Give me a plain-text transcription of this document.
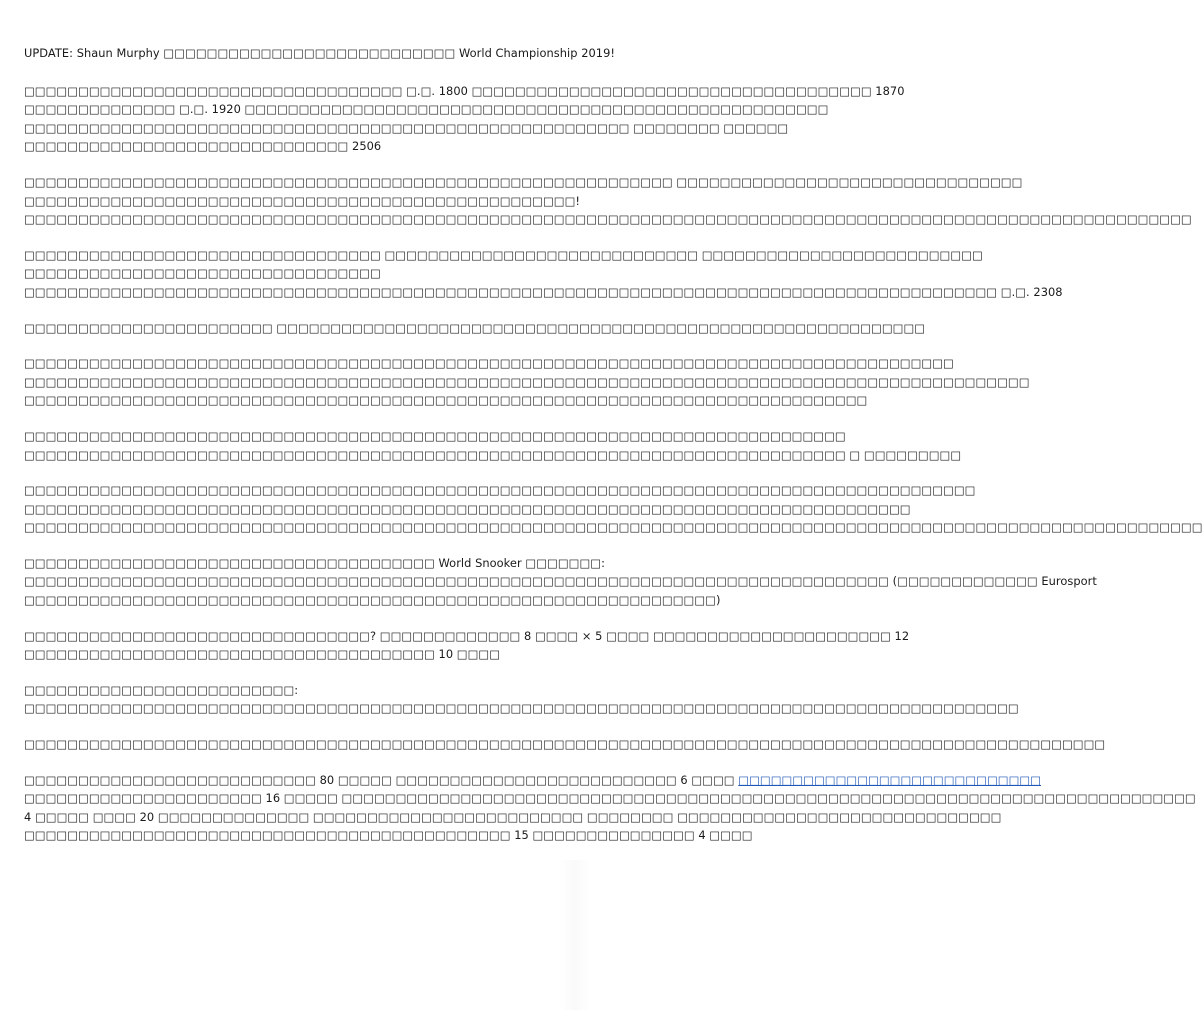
UPDATE: Shaun Murphy □□□□□□□□□□□□□□□□□□□□□□□□□□□ World Championship 2019!
□□□□□□□□□□□□□□□□□□□□□□□□□□□□□□□□□□□ □.□. 1800 □□□□□□□□□□□□□□□□□□□□□□□□□□□□□□□□□□□□□ 1870
□□□□□□□□□□□□□□ □.□. 1920 □□□□□□□□□□□□□□□□□□□□□□□□□□□□□□□□□□□□□□□□□□□□□□□□□□□□□□
□□□□□□□□□□□□□□□□□□□□□□□□□□□□□□□□□□□□□□□□□□□□□□□□□□□□□□□□ □□□□□□□□ □□□□□□
□□□□□□□□□□□□□□□□□□□□□□□□□□□□□□ 2506
□□□□□□□□□□□□□□□□□□□□□□□□□□□□□□□□□□□□□□□□□□□□□□□□□□□□□□□□□□□□ □□□□□□□□□□□□□□□□□□□□□□□□□□□□□□□□
□□□□□□□□□□□□□□□□□□□□□□□□□□□□□□□□□□□□□□□□□□□□□□□□□□□!
□□□□□□□□□□□□□□□□□□□□□□□□□□□□□□□□□□□□□□□□□□□□□□□□□□□□□□□□□□□□□□□□□□□□□□□□□□□□□□□□□□□□□□□□□□□□□□□□□□□□□□□□□□□□
□□□□□□□□□□□□□□□□□□□□□□□□□□□□□□□□□ □□□□□□□□□□□□□□□□□□□□□□□□□□□□□ □□□□□□□□□□□□□□□□□□□□□□□□□□
□□□□□□□□□□□□□□□□□□□□□□□□□□□□□□□□□
□□□□□□□□□□□□□□□□□□□□□□□□□□□□□□□□□□□□□□□□□□□□□□□□□□□□□□□□□□□□□□□□□□□□□□□□□□□□□□□□□□□□□□□□□□ □.□. 2308
□□□□□□□□□□□□□□□□□□□□□□□ □□□□□□□□□□□□□□□□□□□□□□□□□□□□□□□□□□□□□□□□□□□□□□□□□□□□□□□□□□□□
□□□□□□□□□□□□□□□□□□□□□□□□□□□□□□□□□□□□□□□□□□□□□□□□□□□□□□□□□□□□□□□□□□□□□□□□□□□□□□□□□□□□□□
□□□□□□□□□□□□□□□□□□□□□□□□□□□□□□□□□□□□□□□□□□□□□□□□□□□□□□□□□□□□□□□□□□□□□□□□□□□□□□□□□□□□□□□□□□□□□
□□□□□□□□□□□□□□□□□□□□□□□□□□□□□□□□□□□□□□□□□□□□□□□□□□□□□□□□□□□□□□□□□□□□□□□□□□□□□□
□□□□□□□□□□□□□□□□□□□□□□□□□□□□□□□□□□□□□□□□□□□□□□□□□□□□□□□□□□□□□□□□□□□□□□□□□□□□
□□□□□□□□□□□□□□□□□□□□□□□□□□□□□□□□□□□□□□□□□□□□□□□□□□□□□□□□□□□□□□□□□□□□□□□□□□□□ □ □□□□□□□□□
□□□□□□□□□□□□□□□□□□□□□□□□□□□□□□□□□□□□□□□□□□□□□□□□□□□□□□□□□□□□□□□□□□□□□□□□□□□□□□□□□□□□□□□□
□□□□□□□□□□□□□□□□□□□□□□□□□□□□□□□□□□□□□□□□□□□□□□□□□□□□□□□□□□□□□□□□□□□□□□□□□□□□□□□□□□
□□□□□□□□□□□□□□□□□□□□□□□□□□□□□□□□□□□□□□□□□□□□□□□□□□□□□□□□□□□□□□□□□□□□□□□□□□□□□□□□□□□□□□□□□□□□□□□□□□□□□□□□□□□□□
□□□□□□□□□□□□□□□□□□□□□□□□□□□□□□□□□□□□□□ World Snooker □□□□□□□:
□□□□□□□□□□□□□□□□□□□□□□□□□□□□□□□□□□□□□□□□□□□□□□□□□□□□□□□□□□□□□□□□□□□□□□□□□□□□□□□□ (□□□□□□□□□□□□□ Eurosport
□□□□□□□□□□□□□□□□□□□□□□□□□□□□□□□□□□□□□□□□□□□□□□□□□□□□□□□□□□□□□□□□)
□□□□□□□□□□□□□□□□□□□□□□□□□□□□□□□□? □□□□□□□□□□□□□ 8 □□□□ × 5 □□□□ □□□□□□□□□□□□□□□□□□□□□□ 12
□□□□□□□□□□□□□□□□□□□□□□□□□□□□□□□□□□□□□□ 10 □□□□
□□□□□□□□□□□□□□□□□□□□□□□□□:
□□□□□□□□□□□□□□□□□□□□□□□□□□□□□□□□□□□□□□□□□□□□□□□□□□□□□□□□□□□□□□□□□□□□□□□□□□□□□□□□□□□□□□□□□□□□
□□□□□□□□□□□□□□□□□□□□□□□□□□□□□□□□□□□□□□□□□□□□□□□□□□□□□□□□□□□□□□□□□□□□□□□□□□□□□□□□□□□□□□□□□□□□□□□□□□□□
□□□□□□□□□□□□□□□□□□□□□□□□□□□ 80 □□□□□ □□□□□□□□□□□□□□□□□□□□□□□□□□ 6 □□□□ □□□□□□□□□□□□□□□□□□□□□□□□□□□□
□□□□□□□□□□□□□□□□□□□□□□ 16 □□□□□ □□□□□□□□□□□□□□□□□□□□□□□□□□□□□□□□□□□□□□□□□□□□□□□□□□□□□□□□□□□□□□□□□□□□□□□□□□□□□□□
4 □□□□□ □□□□ 20 □□□□□□□□□□□□□□ □□□□□□□□□□□□□□□□□□□□□□□□□ □□□□□□□□ □□□□□□□□□□□□□□□□□□□□□□□□□□□□□□
□□□□□□□□□□□□□□□□□□□□□□□□□□□□□□□□□□□□□□□□□□□□□ 15 □□□□□□□□□□□□□□□ 4 □□□□
